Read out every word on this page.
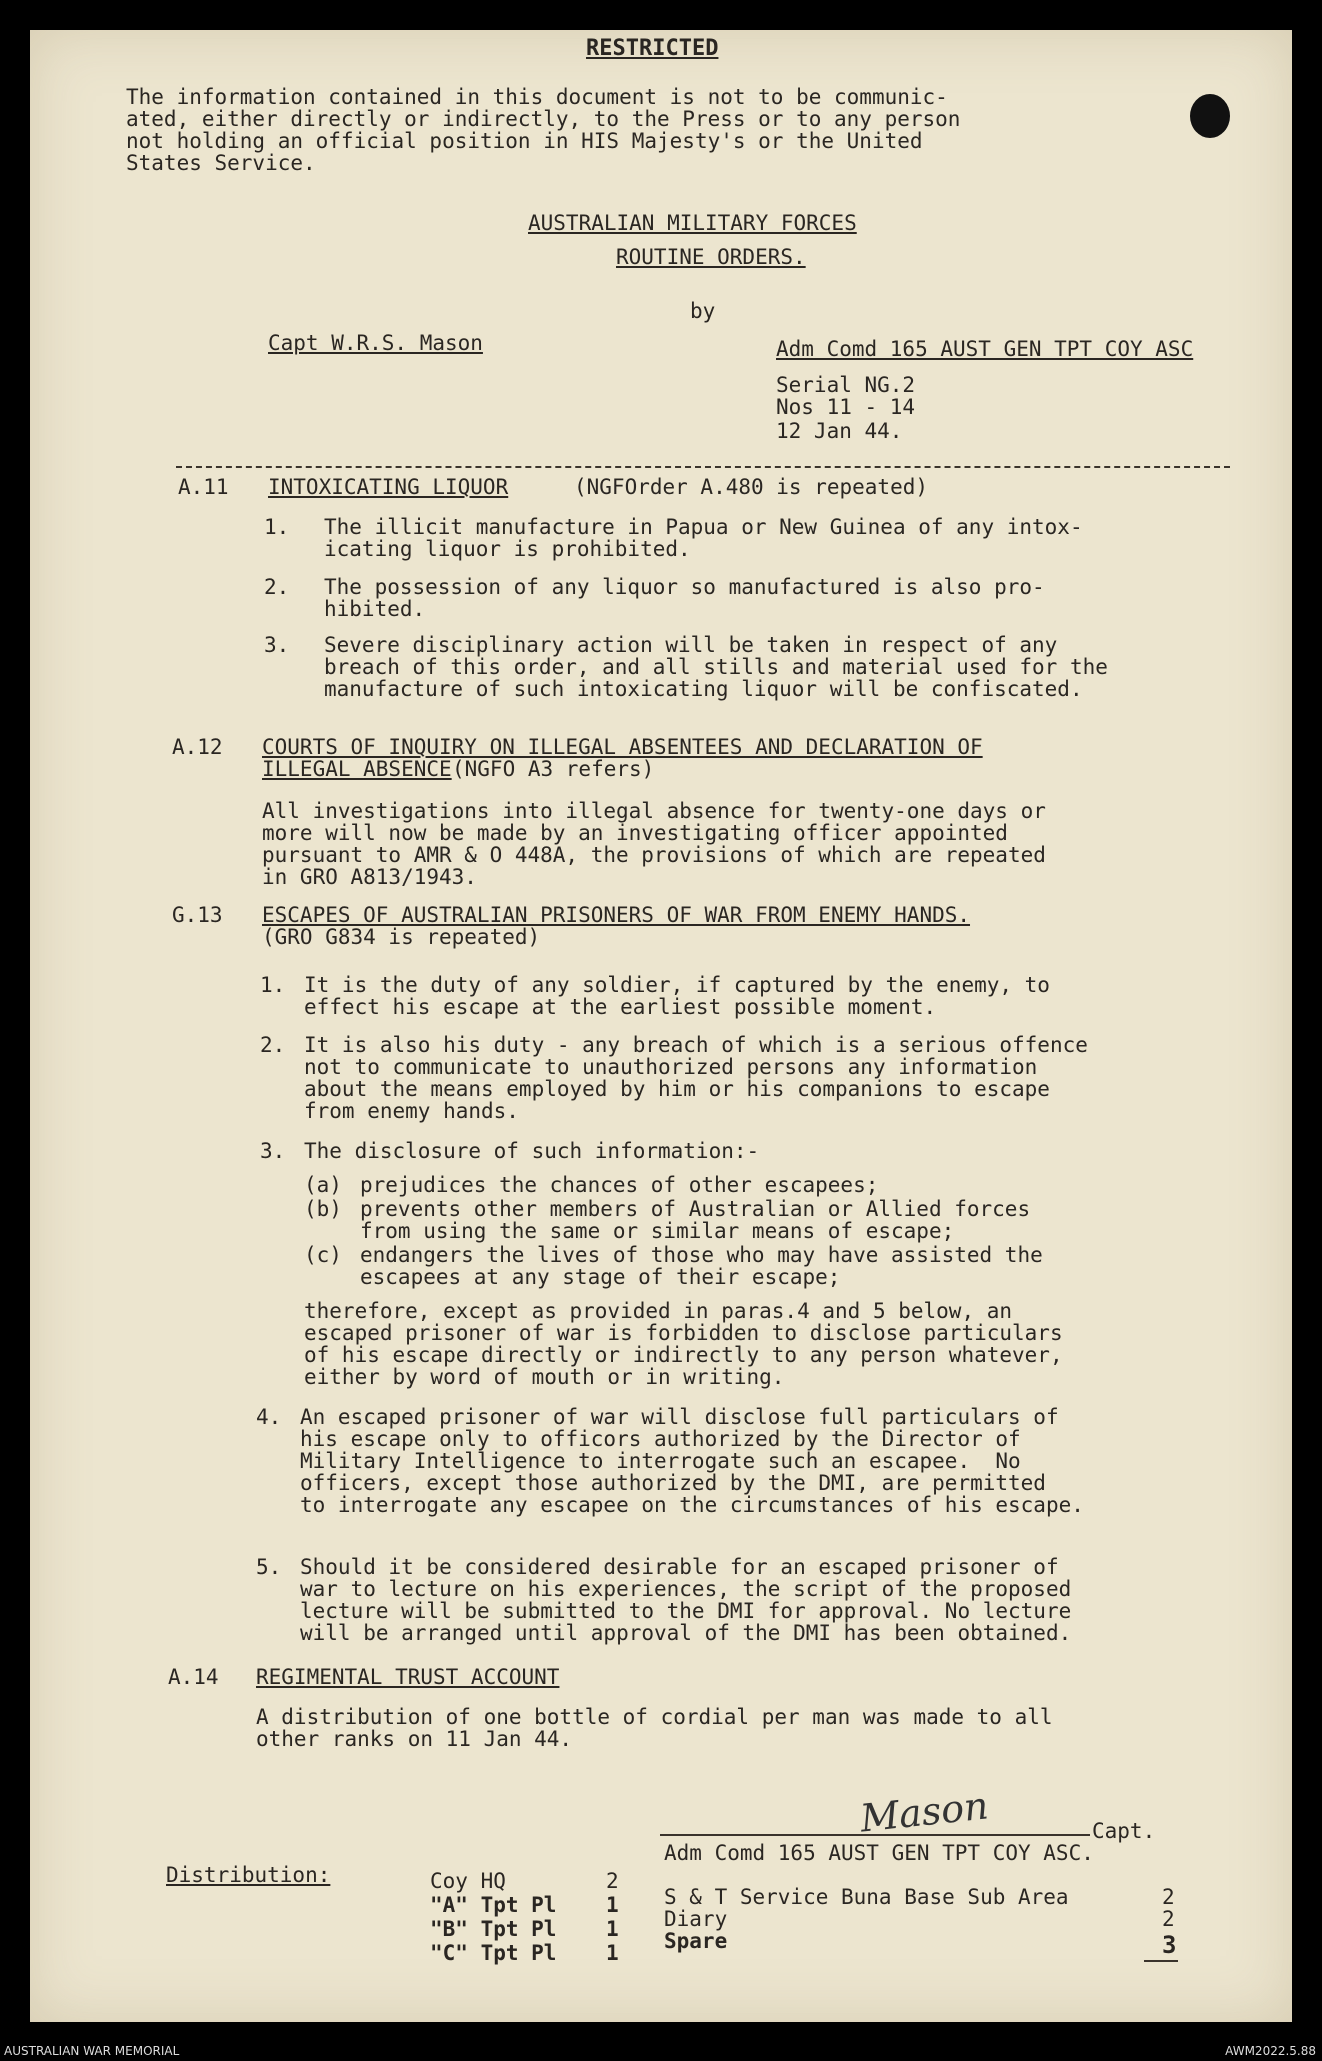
RESTRICTED
The information contained in this document is not to be communic-
ated, either directly or indirectly, to the Press or to any person
not holding an official position in HIS Majesty's or the United
States Service.
AUSTRALIAN MILITARY FORCES
ROUTINE ORDERS.
by
Capt W.R.S. Mason	Adm Comd 165 AUST GEN TPT COY ASC
Serial NG.2
Nos 11 - 14
12 Jan 44.
A.11 INTOXICATING LIQUOR	(NGFOrder A.480 is repeated)
1. The illicit manufacture in Papua or New Guinea of any intox-
icating liquor is prohibited.
2. The possession of any liquor so manufactured is also pro-
hibited.
3. Severe disciplinary action will be taken in respect of any
breach of this order, and all stills and material used for the
manufacture of such intoxicating liquor will be confiscated.
A.12 COURTS OF INQUIRY ON ILLEGAL ABSENTEES AND DECLARATION OF
ILLEGAL ABSENCE (NGFO A3 refers)
All investigations into illegal absence for twenty-one days or
more will now be made by an investigating officer appointed
pursuant to AMR & O 448A, the provisions of which are repeated
in GRO A813/1943.
G.13 ESCAPES OF AUSTRALIAN PRISONERS OF WAR FROM ENEMY HANDS.
(GRO G834 is repeated)
1. It is the duty of any soldier, if captured by the enemy, to
effect his escape at the earliest possible moment.
2. It is also his duty - any breach of which is a serious offence
not to communicate to unauthorized persons any information
about the means employed by him or his companions to escape
from enemy hands.
3. The disclosure of such information:-
(a) prejudices the chances of other escapees;
(b) prevents other members of Australian or Allied forces
from using the same or similar means of escape;
(c) endangers the lives of those who may have assisted the
escapees at any stage of their escape;
therefore, except as provided in paras.4 and 5 below, an
escaped prisoner of war is forbidden to disclose particulars
of his escape directly or indirectly to any person whatever,
either by word of mouth or in writing.
4. An escaped prisoner of war will disclose full particulars of
his escape only to officors authorized by the Director of
Military Intelligence to interrogate such an escapee.  No
officers, except those authorized by the DMI, are permitted
to interrogate any escapee on the circumstances of his escape.
5. Should it be considered desirable for an escaped prisoner of
war to lecture on his experiences, the script of the proposed
lecture will be submitted to the DMI for approval. No lecture
will be arranged until approval of the DMI has been obtained.
A.14 REGIMENTAL TRUST ACCOUNT
A distribution of one bottle of cordial per man was made to all
other ranks on 11 Jan 44.
Mason	Capt.
Adm Comd 165 AUST GEN TPT COY ASC.
Distribution:	Coy HQ	2
"A" Tpt Pl 1
"B" Tpt Pl 1
"C" Tpt Pl 1
S & T Service Buna Base Sub Area	2
Diary	2
Spare	3
AUSTRALIAN WAR MEMORIAL	AWM2022.5.88
